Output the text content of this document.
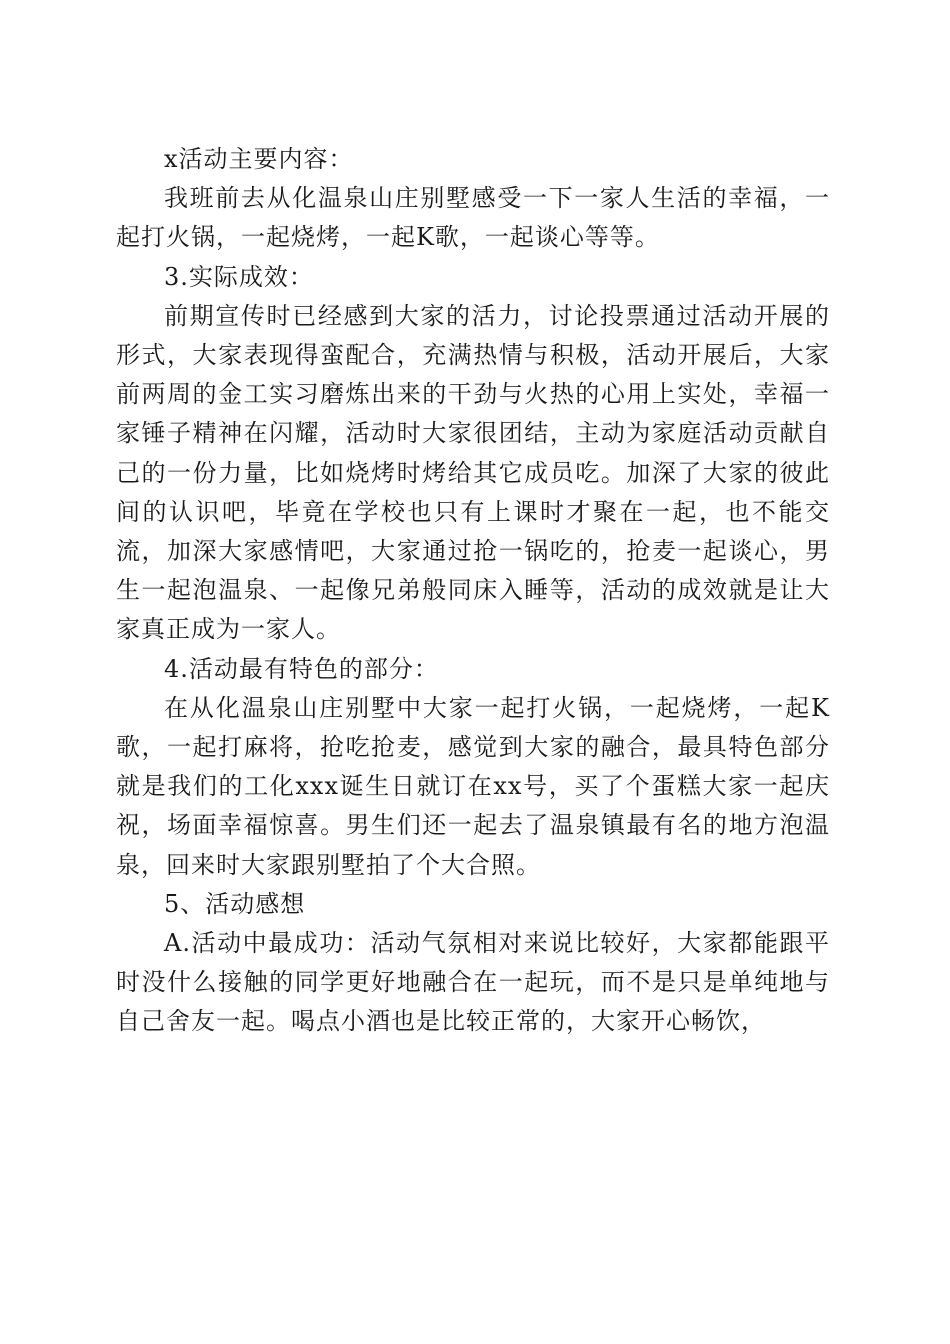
x活动主要内容：

我班前去从化温泉山庄别墅感受一下一家人生活的幸福，一起打火锅，一起烧烤，一起K歌，一起谈心等等。

3.实际成效：

前期宣传时已经感到大家的活力，讨论投票通过活动开展的形式，大家表现得蛮配合，充满热情与积极，活动开展后，大家前两周的金工实习磨炼出来的干劲与火热的心用上实处，幸福一家锤子精神在闪耀，活动时大家很团结，主动为家庭活动贡献自己的一份力量，比如烧烤时烤给其它成员吃。加深了大家的彼此间的认识吧，毕竟在学校也只有上课时才聚在一起，也不能交流，加深大家感情吧，大家通过抢一锅吃的，抢麦一起谈心，男生一起泡温泉、一起像兄弟般同床入睡等，活动的成效就是让大家真正成为一家人。

4.活动最有特色的部分：

在从化温泉山庄别墅中大家一起打火锅，一起烧烤，一起K歌，一起打麻将，抢吃抢麦，感觉到大家的融合，最具特色部分就是我们的工化xxx诞生日就订在xx号，买了个蛋糕大家一起庆祝，场面幸福惊喜。男生们还一起去了温泉镇最有名的地方泡温泉，回来时大家跟别墅拍了个大合照。

5、活动感想

A.活动中最成功：活动气氛相对来说比较好，大家都能跟平时没什么接触的同学更好地融合在一起玩，而不是只是单纯地与自己舍友一起。喝点小酒也是比较正常的，大家开心畅饮，
